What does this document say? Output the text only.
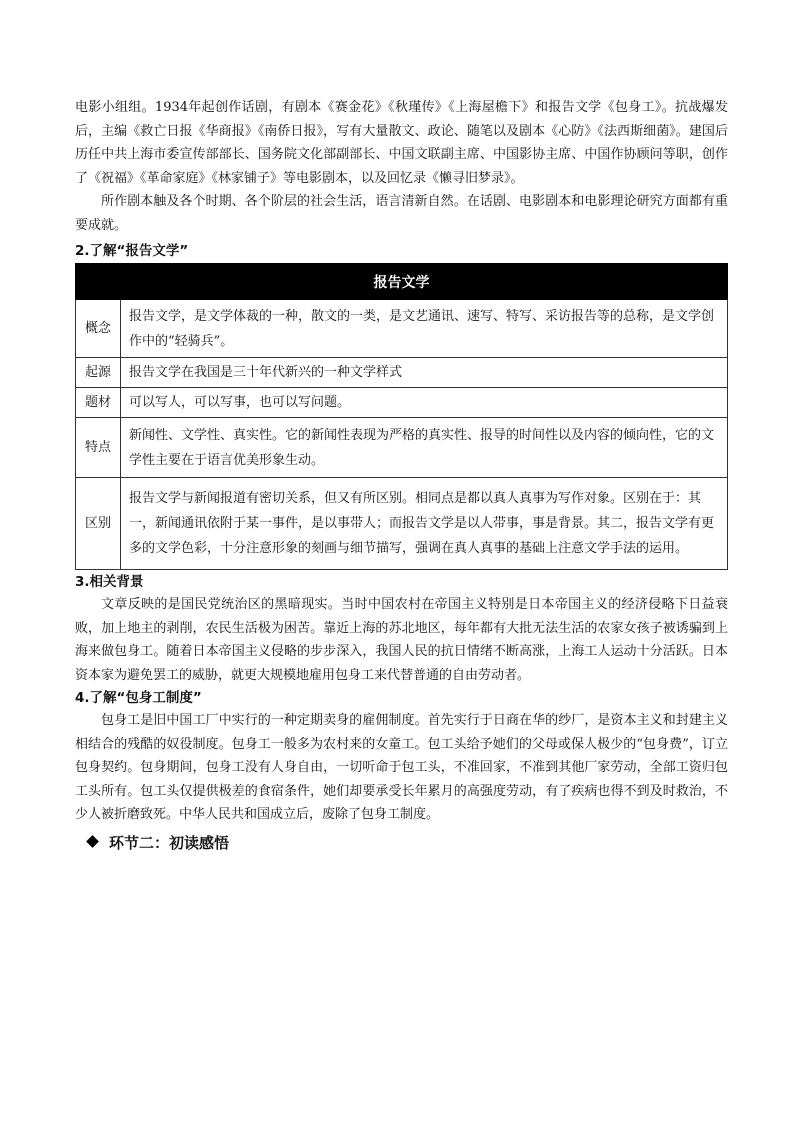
电影小组组。1934年起创作话剧，有剧本《赛金花》《秋瑾传》《上海屋檐下》和报告文学《包身工》。抗战爆发后，主编《救亡日报《华商报》《南侨日报》，写有大量散文、政论、随笔以及剧本《心防》《法西斯细菌》。建国后历任中共上海市委宣传部部长、国务院文化部副部长、中国文联副主席、中国影协主席、中国作协顾问等职，创作了《祝福》《革命家庭》《林家铺子》等电影剧本，以及回忆录《懒寻旧梦录》。

所作剧本触及各个时期、各个阶层的社会生活，语言清新自然。在话剧、电影剧本和电影理论研究方面都有重要成就。

2.了解“报告文学”

报告文学	
概念	报告文学，是文学体裁的一种，散文的一类，是文艺通讯、速写、特写、采访报告等的总称，是文学创作中的“轻骑兵”。
起源	报告文学在我国是三十年代新兴的一种文学样式
题材	可以写人，可以写事，也可以写问题。
特点	新闻性、文学性、真实性。它的新闻性表现为严格的真实性、报导的时间性以及内容的倾向性，它的文学性主要在于语言优美形象生动。
区别	报告文学与新闻报道有密切关系，但又有所区别。相同点是都以真人真事为写作对象。区别在于：其一，新闻通讯依附于某一事件，是以事带人；而报告文学是以人带事，事是背景。其二，报告文学有更多的文学色彩，十分注意形象的刻画与细节描写，强调在真人真事的基础上注意文学手法的运用。

3.相关背景

文章反映的是国民党统治区的黑暗现实。当时中国农村在帝国主义特别是日本帝国主义的经济侵略下日益衰败，加上地主的剥削，农民生活极为困苦。靠近上海的苏北地区，每年都有大批无法生活的农家女孩子被诱骗到上海来做包身工。随着日本帝国主义侵略的步步深入，我国人民的抗日情绪不断高涨，上海工人运动十分活跃。日本资本家为避免罢工的威胁，就更大规模地雇用包身工来代替普通的自由劳动者。

4.了解“包身工制度”

包身工是旧中国工厂中实行的一种定期卖身的雇佣制度。首先实行于日商在华的纱厂，是资本主义和封建主义相结合的残酷的奴役制度。包身工一般多为农村来的女童工。包工头给予她们的父母或保人极少的“包身费”，订立包身契约。包身期间，包身工没有人身自由，一切听命于包工头，不准回家，不准到其他厂家劳动，全部工资归包工头所有。包工头仅提供极差的食宿条件，她们却要承受长年累月的高强度劳动，有了疾病也得不到及时救治，不少人被折磨致死。中华人民共和国成立后，废除了包身工制度。

环节二：初读感悟
